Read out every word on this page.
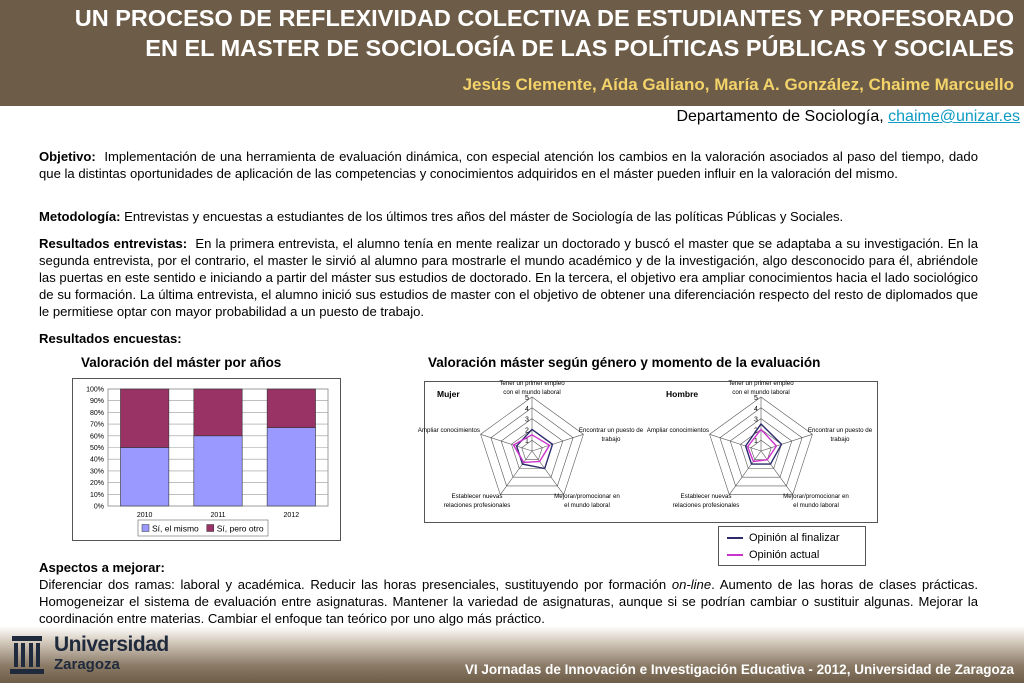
UN PROCESO DE REFLEXIVIDAD COLECTIVA DE ESTUDIANTES Y PROFESORADO
EN EL MASTER DE SOCIOLOGÍA DE LAS POLÍTICAS PÚBLICAS Y SOCIALES
Jesús Clemente, Aída Galiano, María A. González, Chaime Marcuello
Departamento de Sociología, chaime@unizar.es
Objetivo: Implementación de una herramienta de evaluación dinámica, con especial atención los cambios en la valoración asociados al paso del tiempo, dado que la distintas oportunidades de aplicación de las competencias y conocimientos adquiridos en el máster pueden influir en la valoración del mismo.
Metodología: Entrevistas y encuestas a estudiantes de los últimos tres años del máster de Sociología de las políticas Públicas y Sociales.
Resultados entrevistas: En la primera entrevista, el alumno tenía en mente realizar un doctorado y buscó el master que se adaptaba a su investigación. En la segunda entrevista, por el contrario, el master le sirvió al alumno para mostrarle el mundo académico y de la investigación, algo desconocido para él, abriéndole las puertas en este sentido e iniciando a partir del máster sus estudios de doctorado. En la tercera, el objetivo era ampliar conocimientos hacia el lado sociológico de su formación. La última entrevista, el alumno inició sus estudios de master con el objetivo de obtener una diferenciación respecto del resto de diplomados que le permitiese optar con mayor probabilidad a un puesto de trabajo.
Resultados encuestas:
Valoración del máster por años	Valoración máster según género y momento de la evaluación
0%
10%
20%
30%
40%
50%
60%
70%
80%
90%
100%
2010	2011	2012
Sí, el mismo Sí, pero otro
Mujer
1
2
3
4
5
Tener un primer empleo
con el mundo laboral
Encontrar un puesto de
trabajo
Mejorar/promocionar en
el mundo laboral
Establecer nuevas
relaciones profesionales
Ampliar conocimientos
Hombre
1
2
3
4
5
Tener un primer empleo
con el mundo laboral
Encontrar un puesto de
trabajo
Mejorar/promocionar en
el mundo laboral
Establecer nuevas
relaciones profesionales
Ampliar conocimientos
Opinión al finalizar
Opinión actual
Aspectos a mejorar:
Diferenciar dos ramas: laboral y académica. Reducir las horas presenciales, sustituyendo por formación on-line. Aumento de las horas de clases prácticas. Homogeneizar el sistema de evaluación entre asignaturas. Mantener la variedad de asignaturas, aunque si se podrían cambiar o sustituir algunas. Mejorar la coordinación entre materias. Cambiar el enfoque tan teórico por uno algo más práctico.
Universidad
Zaragoza	VI Jornadas de Innovación e Investigación Educativa - 2012, Universidad de Zaragoza
